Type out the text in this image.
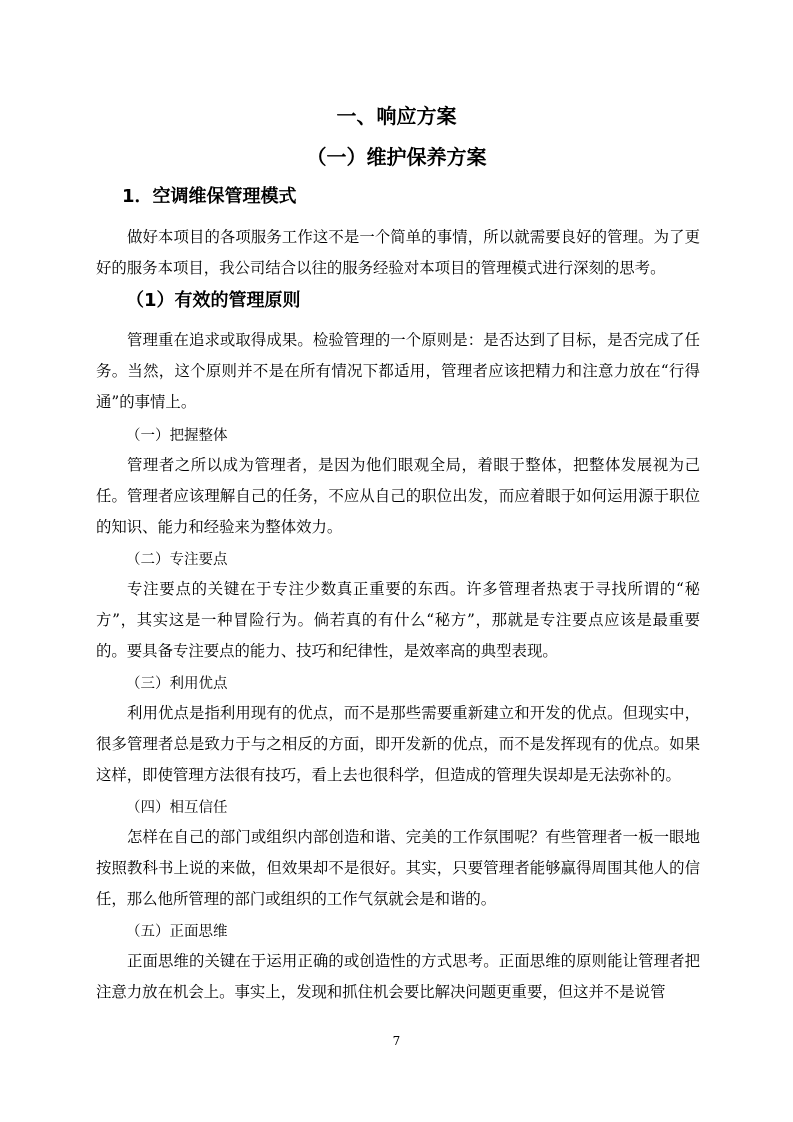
一、响应方案
（一）维护保养方案
1．空调维保管理模式

做好本项目的各项服务工作这不是一个简单的事情，所以就需要良好的管理。为了更好的服务本项目，我公司结合以往的服务经验对本项目的管理模式进行深刻的思考。

（1）有效的管理原则

管理重在追求或取得成果。检验管理的一个原则是：是否达到了目标，是否完成了任务。当然，这个原则并不是在所有情况下都适用，管理者应该把精力和注意力放在“行得通”的事情上。

（一）把握整体

管理者之所以成为管理者，是因为他们眼观全局，着眼于整体，把整体发展视为己任。管理者应该理解自己的任务，不应从自己的职位出发，而应着眼于如何运用源于职位的知识、能力和经验来为整体效力。

（二）专注要点

专注要点的关键在于专注少数真正重要的东西。许多管理者热衷于寻找所谓的“秘方”，其实这是一种冒险行为。倘若真的有什么“秘方”，那就是专注要点应该是最重要的。要具备专注要点的能力、技巧和纪律性，是效率高的典型表现。

（三）利用优点

利用优点是指利用现有的优点，而不是那些需要重新建立和开发的优点。但现实中，很多管理者总是致力于与之相反的方面，即开发新的优点，而不是发挥现有的优点。如果这样，即使管理方法很有技巧，看上去也很科学，但造成的管理失误却是无法弥补的。

（四）相互信任

怎样在自己的部门或组织内部创造和谐、完美的工作氛围呢？有些管理者一板一眼地按照教科书上说的来做，但效果却不是很好。其实，只要管理者能够赢得周围其他人的信任，那么他所管理的部门或组织的工作气氛就会是和谐的。

（五）正面思维

正面思维的关键在于运用正确的或创造性的方式思考。正面思维的原则能让管理者把注意力放在机会上。事实上，发现和抓住机会要比解决问题更重要，但这并不是说管

7
